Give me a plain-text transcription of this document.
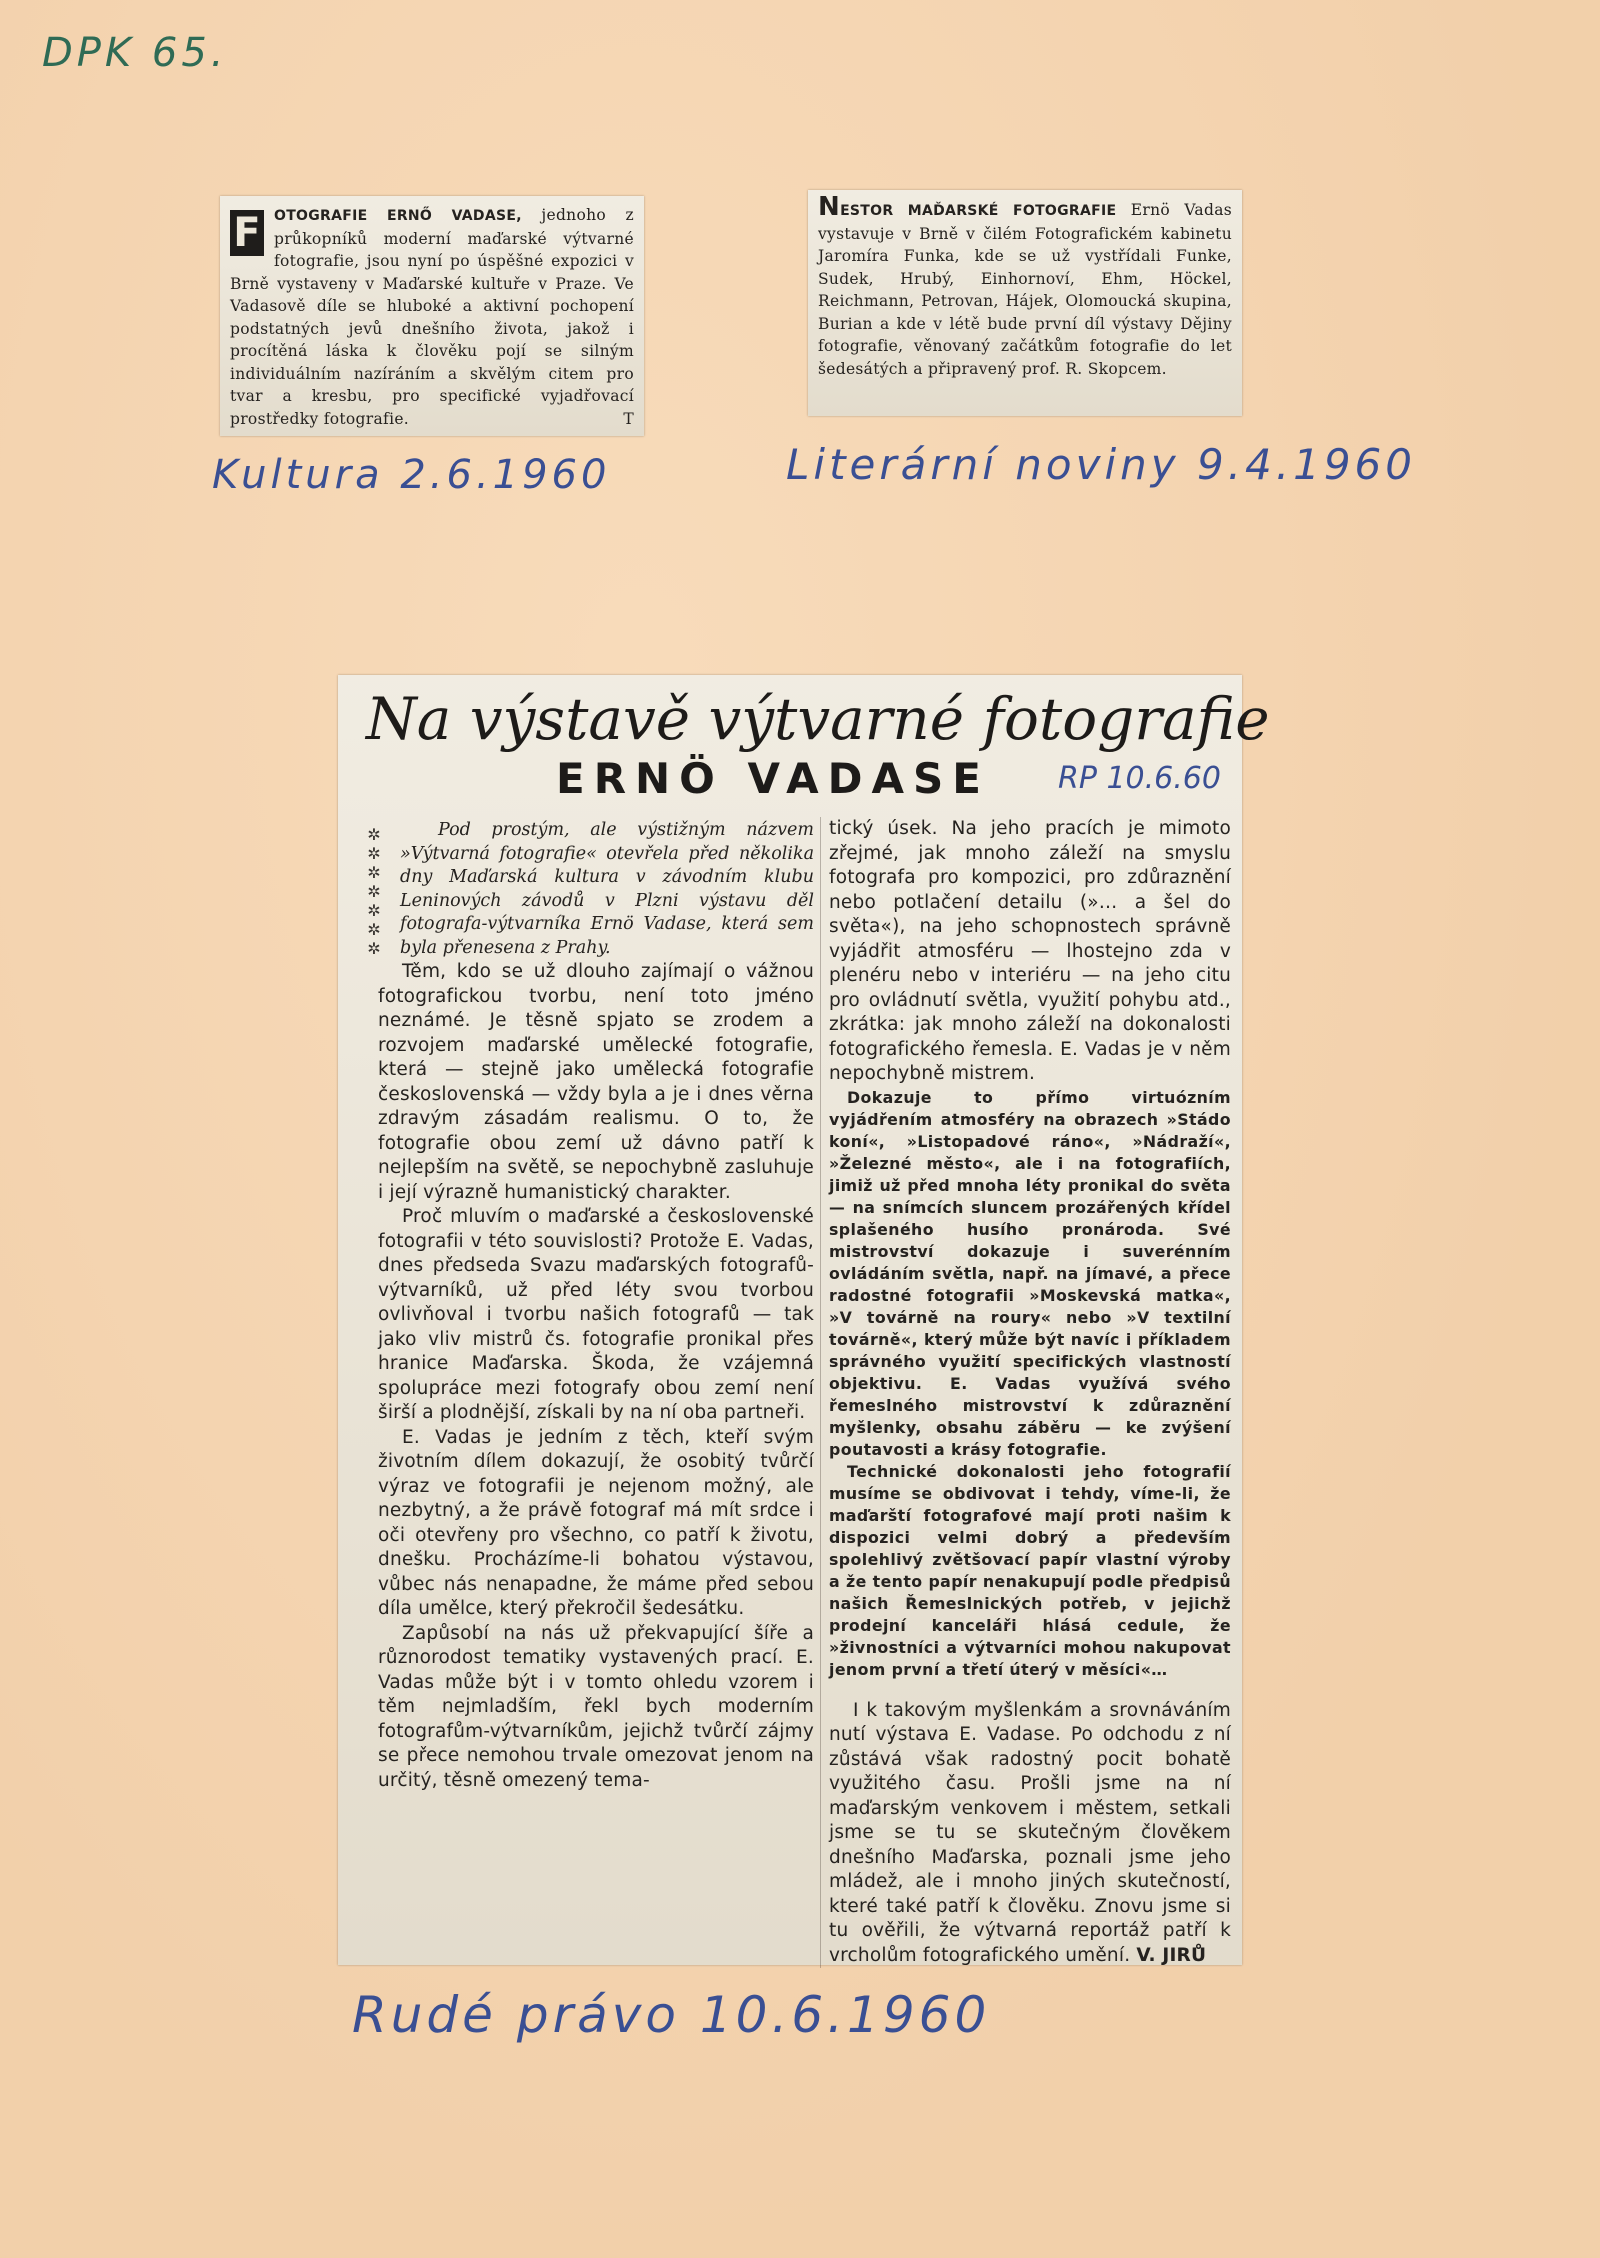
DPK 65.
Kultura 2.6.1960	Literární noviny 9.4.1960
Rudé právo 10.6.1960
F OTOGRAFIE ERNŐ VADASE, jednoho z průkopníků moderní maďarské výtvarné fotografie, jsou nyní po úspěšné expozici v Brně vystaveny v Maďarské kultuře v Praze. Ve Vadasově díle se hluboké a aktivní pochopení podstatných jevů dnešního života, jakož i procítěná láska k člověku pojí se silným individuálním nazíráním a skvělým citem pro tvar a kresbu, pro specifické vyjadřovací prostředky fotografie.	T
NESTOR MAĎARSKÉ FOTOGRAFIE Ernö Vadas vystavuje v Brně v čilém Fotografickém kabinetu Jaromíra Funka, kde se už vystřídali Funke, Sudek, Hrubý, Einhornoví, Ehm, Höckel, Reichmann, Petrovan, Hájek, Olomoucká skupina, Burian a kde v létě bude první díl výstavy Dějiny fotografie, věnovaný začátkům fotografie do let šedesátých a připravený prof. R. Skopcem.
Na výstavě výtvarné fotografie
ERNÖ VADASE RP 10.6.60
✲ ✲ ✲ ✲ ✲ ✲ ✲

Pod prostým, ale výstižným názvem »Výtvarná fotografie« otevřela před několika dny Maďarská kultura v závodním klubu Leninových závodů v Plzni výstavu děl fotografa-výtvarníka Ernö Vadase, která sem byla přenesena z Prahy.

Těm, kdo se už dlouho zajímají o vážnou fotografickou tvorbu, není toto jméno neznámé. Je těsně spjato se zrodem a rozvojem maďarské umělecké fotografie, která — stejně jako umělecká fotografie československá — vždy byla a je i dnes věrna zdravým zásadám realismu. O to, že fotografie obou zemí už dávno patří k nejlepším na světě, se nepochybně zasluhuje i její výrazně humanistický charakter.

Proč mluvím o maďarské a československé fotografii v této souvislosti? Protože E. Vadas, dnes předseda Svazu maďarských fotografů-výtvarníků, už před léty svou tvorbou ovlivňoval i tvorbu našich fotografů — tak jako vliv mistrů čs. fotografie pronikal přes hranice Maďarska. Škoda, že vzájemná spolupráce mezi fotografy obou zemí není širší a plodnější, získali by na ní oba partneři.

E. Vadas je jedním z těch, kteří svým životním dílem dokazují, že osobitý tvůrčí výraz ve fotografii je nejenom možný, ale nezbytný, a že právě fotograf má mít srdce i oči otevřeny pro všechno, co patří k životu, dnešku. Procházíme-li bohatou výstavou, vůbec nás nenapadne, že máme před sebou díla umělce, který překročil šedesátku.

Zapůsobí na nás už překvapující šíře a různorodost tematiky vystavených prací. E. Vadas může být i v tomto ohledu vzorem i těm nejmladším, řekl bych moderním fotografům-výtvarníkům, jejichž tvůrčí zájmy se přece nemohou trvale omezovat jenom na určitý, těsně omezený tema-

tický úsek. Na jeho pracích je mimoto zřejmé, jak mnoho záleží na smyslu fotografa pro kompozici, pro zdůraznění nebo potlačení detailu (»… a šel do světa«), na jeho schopnostech správně vyjádřit atmosféru — lhostejno zda v plenéru nebo v interiéru — na jeho citu pro ovládnutí světla, využití pohybu atd., zkrátka: jak mnoho záleží na dokonalosti fotografického řemesla. E. Vadas je v něm nepochybně mistrem.

Dokazuje to přímo virtuózním vyjádřením atmosféry na obrazech »Stádo koní«, »Listopadové ráno«, »Nádraží«, »Železné město«, ale i na fotografiích, jimiž už před mnoha léty pronikal do světa — na snímcích sluncem prozářených křídel splašeného husího pronároda. Své mistrovství dokazuje i suverénním ovládáním světla, např. na jímavé, a přece radostné fotografii »Moskevská matka«, »V továrně na roury« nebo »V textilní továrně«, který může být navíc i příkladem správného využití specifických vlastností objektivu. E. Vadas využívá svého řemeslného mistrovství k zdůraznění myšlenky, obsahu záběru — ke zvýšení poutavosti a krásy fotografie.

Technické dokonalosti jeho fotografií musíme se obdivovat i tehdy, víme-li, že maďarští fotografové mají proti našim k dispozici velmi dobrý a především spolehlivý zvětšovací papír vlastní výroby a že tento papír nenakupují podle předpisů našich Řemeslnických potřeb, v jejichž prodejní kanceláři hlásá cedule, že »živnostníci a výtvarníci mohou nakupovat jenom první a třetí úterý v měsíci«…

I k takovým myšlenkám a srovnáváním nutí výstava E. Vadase. Po odchodu z ní zůstává však radostný pocit bohatě využitého času. Prošli jsme na ní maďarským venkovem i městem, setkali jsme se tu se skutečným člověkem dnešního Maďarska, poznali jsme jeho mládež, ale i mnoho jiných skutečností, které také patří k člověku. Znovu jsme si tu ověřili, že výtvarná reportáž patří k vrcholům fotografického umění. V. JIRŮ
